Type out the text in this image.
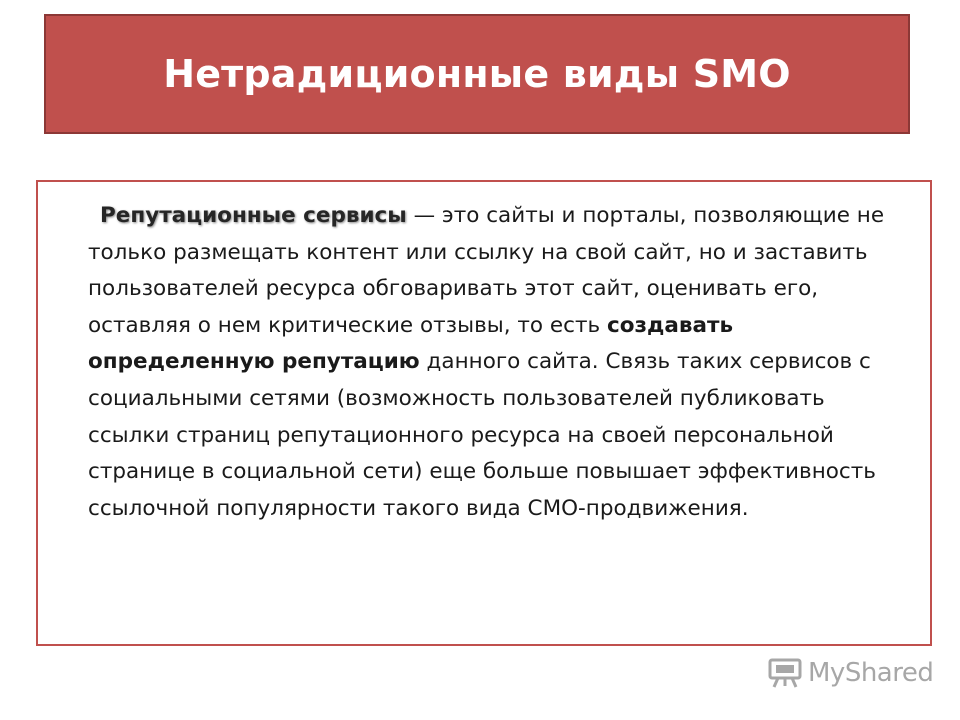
Нетрадиционные виды SMO

Репутационные сервисы — это сайты и порталы, позволяющие не только размещать контент или ссылку на свой сайт, но и заставить пользователей ресурса обговаривать этот сайт, оценивать его, оставляя о нем критические отзывы, то есть создавать определенную репутацию данного сайта. Связь таких сервисов с социальными сетями (возможность пользователей публиковать ссылки страниц репутационного ресурса на своей персональной странице в социальной сети) еще больше повышает эффективность ссылочной популярности такого вида СМО-продвижения.

MyShared
